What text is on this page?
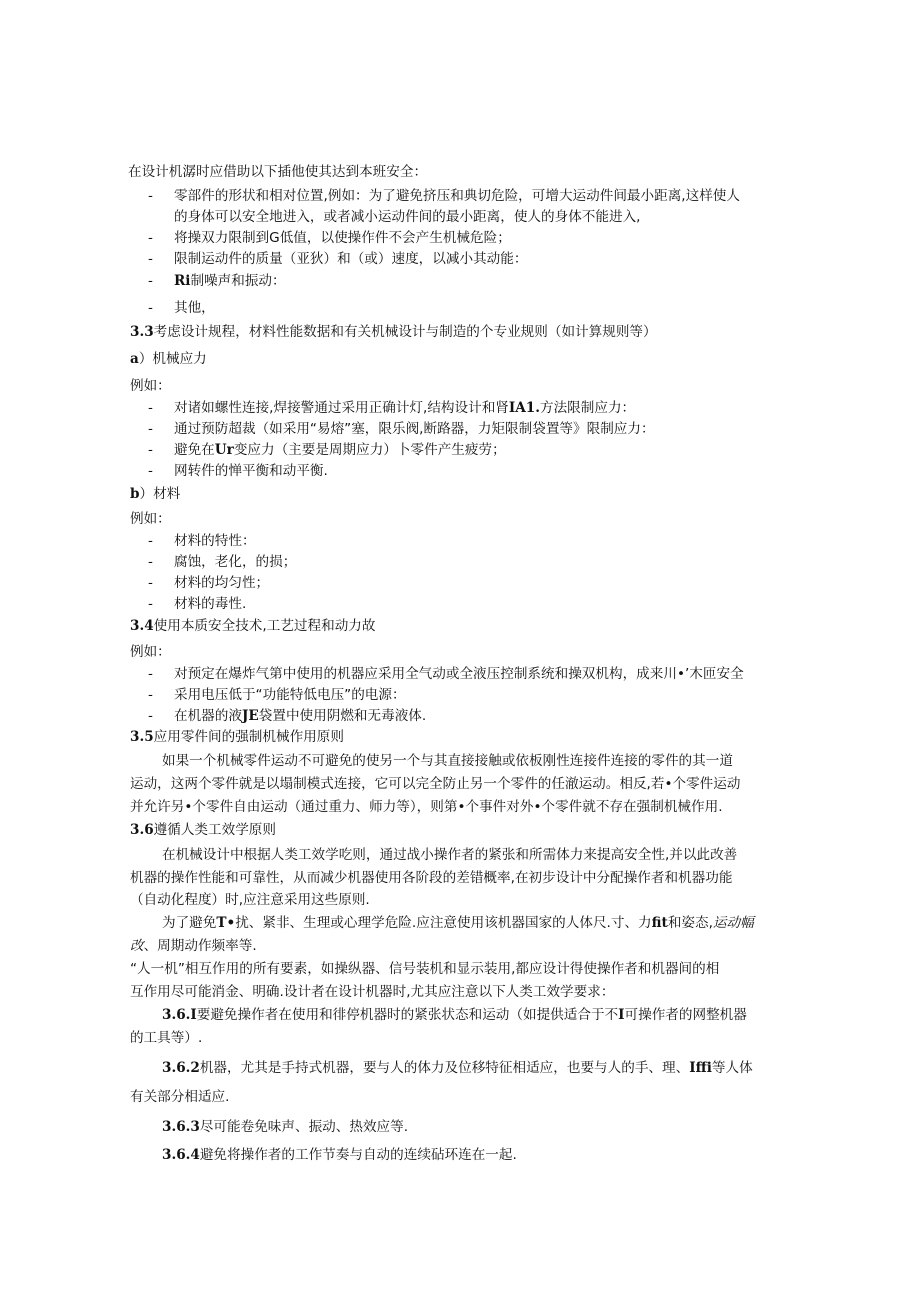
在设计机潺时应借助以下插他使其达到本班安全：
- 零部件的形状和相对位置,例如：为了避免挤压和典切危险，可增大运动件间最小距离,这样使人
的身体可以安全地进入，或者减小运动件间的最小距离，使人的身体不能进入,
- 将操双力限制到G低值，以使操作件不会产生机械危险；
- 限制运动件的质量（亚狄）和（或）速度，以减小其动能：
- Ri制噪声和振动：
- 其他，
3.3考虑设计规程，材料性能数据和有关机械设计与制造的个专业规则（如计算规则等）
a）机械应力
例如：
- 对诸如螺性连接,焊接警通过采用正确计灯,结构设计和肾IA1.方法限制应力：
- 通过预防超裁（如采用“易熔”塞，限乐阀,断路器，力矩限制袋置等》限制应力：
- 避免在Ur变应力（主要是周期应力）卜零件产生疲劳；
- 网转件的惮平衡和动平衡.
b）材料
例如：
- 材料的特性：
- 腐蚀，老化，的损；
- 材料的均匀性；
- 材料的毒性.
3.4使用本质安全技术,工艺过程和动力故
例如：
- 对预定在爆炸气第中使用的机器应采用全气动或全液压控制系统和操双机构，成来川•’木匝安全
- 采用电压低于“功能特低电压”的电源：
- 在机器的液JE袋置中使用阴燃和无毒液体.
3.5应用零件间的强制机械作用原则
如果一个机械零件运动不可避免的使另一个与其直接接触或依板刚性连接件连接的零件的其一道
运动，这两个零件就是以塌制模式连接，它可以完全防止另一个零件的任澈运动。相反,若•个零件运动
并允许另•个零件自由运动（通过重力、师力等），则第•个事件对外•个零件就不存在强制机械作用.
3.6遵循人类工效学原则
在机械设计中根据人类工效学吃则，通过战小操作者的紧张和所需体力来提高安全性,并以此改善
机器的操作性能和可靠性，从而减少机器使用各阶段的差错概率,在初步设计中分配操作者和机器功能
（自动化程度）时,应注意采用这些原则.
为了避免T•扰、紧非、生理或心理学危险.应注意使用该机器国家的人体尺.寸、力fit和姿态,运动幅
改、周期动作频率等.
“人一机”相互作用的所有要素，如操纵器、信号装机和显示装用,都应设计得使操作者和机器间的相
互作用尽可能消金、明确.设计者在设计机器时,尤其应注意以下人类工效学要求：
3.6.I要避免操作者在使用和徘停机器时的紧张状态和运动（如提供适合于不I可操作者的网整机器
的工具等）.
3.6.2机器，尤其是手持式机器，要与人的体力及位移特征相适应，也要与人的手、理、Iffi等人体
有关部分相适应.
3.6.3尽可能卷免味声、振动、热效应等.
3.6.4避免将操作者的工作节奏与自动的连续砧环连在一起.
